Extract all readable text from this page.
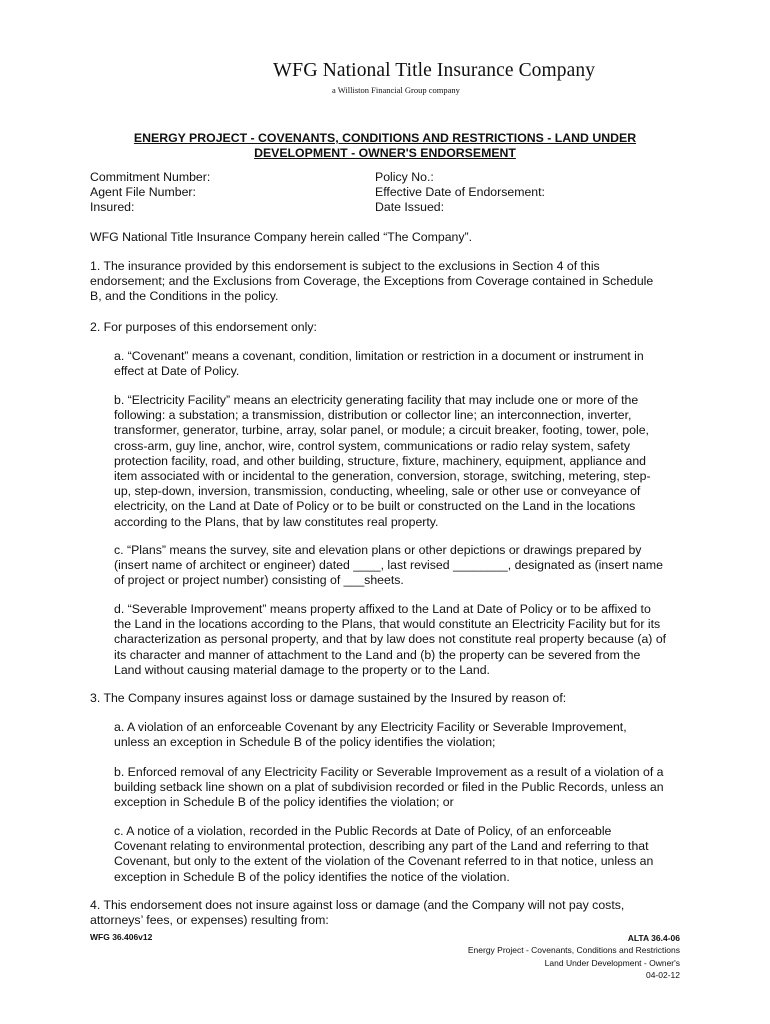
WFG National Title Insurance Company
a Williston Financial Group company
ENERGY PROJECT - COVENANTS, CONDITIONS AND RESTRICTIONS - LAND UNDER
DEVELOPMENT - OWNER'S ENDORSEMENT
Commitment Number:
Agent File Number:
Insured:
Policy No.:
Effective Date of Endorsement:
Date Issued:
WFG National Title Insurance Company herein called “The Company”.
1. The insurance provided by this endorsement is subject to the exclusions in Section 4 of this
endorsement; and the Exclusions from Coverage, the Exceptions from Coverage contained in Schedule
B, and the Conditions in the policy.
2. For purposes of this endorsement only:
a. “Covenant” means a covenant, condition, limitation or restriction in a document or instrument in
effect at Date of Policy.
b. “Electricity Facility” means an electricity generating facility that may include one or more of the
following: a substation; a transmission, distribution or collector line; an interconnection, inverter,
transformer, generator, turbine, array, solar panel, or module; a circuit breaker, footing, tower, pole,
cross-arm, guy line, anchor, wire, control system, communications or radio relay system, safety
protection facility, road, and other building, structure, fixture, machinery, equipment, appliance and
item associated with or incidental to the generation, conversion, storage, switching, metering, step-
up, step-down, inversion, transmission, conducting, wheeling, sale or other use or conveyance of
electricity, on the Land at Date of Policy or to be built or constructed on the Land in the locations
according to the Plans, that by law constitutes real property.
c. “Plans” means the survey, site and elevation plans or other depictions or drawings prepared by
(insert name of architect or engineer) dated ____, last revised ________, designated as (insert name
of project or project number) consisting of ___sheets.
d. “Severable Improvement” means property affixed to the Land at Date of Policy or to be affixed to
the Land in the locations according to the Plans, that would constitute an Electricity Facility but for its
characterization as personal property, and that by law does not constitute real property because (a) of
its character and manner of attachment to the Land and (b) the property can be severed from the
Land without causing material damage to the property or to the Land.
3. The Company insures against loss or damage sustained by the Insured by reason of:
a. A violation of an enforceable Covenant by any Electricity Facility or Severable Improvement,
unless an exception in Schedule B of the policy identifies the violation;
b. Enforced removal of any Electricity Facility or Severable Improvement as a result of a violation of a
building setback line shown on a plat of subdivision recorded or filed in the Public Records, unless an
exception in Schedule B of the policy identifies the violation; or
c. A notice of a violation, recorded in the Public Records at Date of Policy, of an enforceable
Covenant relating to environmental protection, describing any part of the Land and referring to that
Covenant, but only to the extent of the violation of the Covenant referred to in that notice, unless an
exception in Schedule B of the policy identifies the notice of the violation.
4. This endorsement does not insure against loss or damage (and the Company will not pay costs,
attorneys’ fees, or expenses) resulting from:
WFG 36.406v12	ALTA 36.4-06
Energy Project - Covenants, Conditions and Restrictions
Land Under Development - Owner's
04-02-12
